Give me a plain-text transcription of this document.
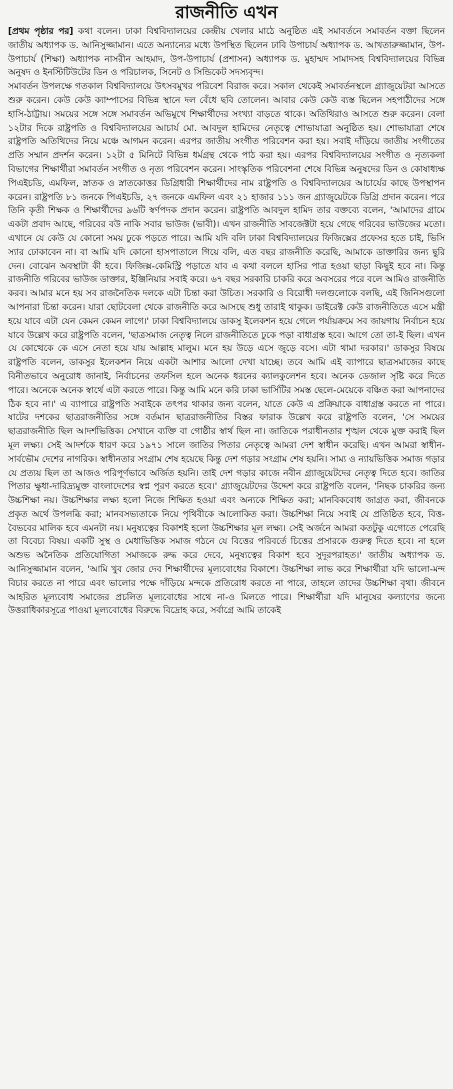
রাজনীতি এখন

[প্রথম পৃষ্ঠার পর] কথা বলেন। ঢাকা বিশ্ববিদ্যালয়ের কেন্দ্রীয় খেলার মাঠে অনুষ্ঠিত এই সমাবর্তনে সমাবর্তন বক্তা ছিলেন জাতীয় অধ্যাপক ড. আনিসুজ্জামান। এতে অন্যান্যের মধ্যে উপস্থিত ছিলেন ঢাবি উপাচার্য অধ্যাপক ড. আখতারুজ্জামান, উপ-উপাচার্য (শিক্ষা) অধ্যাপক নাসরীন আহমাদ, উপ-উপাচার্য (প্রশাসন) অধ্যাপক ড. মুহাম্মদ সামাদসহ বিশ্ববিদ্যালয়ের বিভিন্ন অনুষদ ও ইনস্টিটিউটের ডিন ও পরিচালক, সিনেট ও সিন্ডিকেট সদস্যবৃন্দ।

সমাবর্তন উপলক্ষে গতকাল বিশ্ববিদ্যালয়ে উৎসবমুখর পরিবেশ বিরাজ করে। সকাল থেকেই সমাবর্তনস্থলে গ্র্যাজুয়েটরা আসতে শুরু করেন। কেউ কেউ ক্যাম্পাসের বিভিন্ন স্থানে দল বেঁধে ছবি তোলেন। আবার কেউ কেউ ব্যস্ত ছিলেন সহপাঠীদের সঙ্গে হাসি-ঠাট্টায়। সময়ের সঙ্গে সঙ্গে সমাবর্তন অভিমুখে শিক্ষার্থীদের সংখ্যা বাড়তে থাকে। অতিথিরাও আসতে শুরু করেন। বেলা ১২টার দিকে রাষ্ট্রপতি ও বিশ্ববিদ্যালয়ের আচার্য মো. আবদুল হামিদের নেতৃত্বে শোভাযাত্রা অনুষ্ঠিত হয়। শোভাযাত্রা শেষে রাষ্ট্রপতি অতিথিদের নিয়ে মঞ্চে আগমন করেন। এরপর জাতীয় সংগীত পরিবেশন করা হয়। সবাই দাঁড়িয়ে জাতীয় সংগীতের প্রতি সম্মান প্রদর্শন করেন। ১২টা ৫ মিনিটে বিভিন্ন ধর্মগ্রন্থ থেকে পাঠ করা হয়। এরপর বিশ্ববিদ্যালয়ের সংগীত ও নৃত্যকলা বিভাগের শিক্ষার্থীরা সমাবর্তন সংগীত ও নৃত্য পরিবেশন করেন। সাংস্কৃতিক পরিবেশনা শেষে বিভিন্ন অনুষদের ডিন ও কোষাধ্যক্ষ পিএইচডি, এমফিল, স্নাতক ও স্নাতকোত্তর ডিগ্রিধারী শিক্ষার্থীদের নাম রাষ্ট্রপতি ও বিশ্ববিদ্যালয়ের আচার্যের কাছে উপস্থাপন করেন। রাষ্ট্রপতি ৮১ জনকে পিএইচডি, ২৭ জনকে এমফিল এবং ২১ হাজার ১১১ জন গ্র্যাজুয়েটকে ডিগ্রি প্রদান করেন। পরে তিনি কৃতী শিক্ষক ও শিক্ষার্থীদের ৯৬টি স্বর্ণপদক প্রদান করেন। রাষ্ট্রপতি আবদুল হামিদ তার বক্তব্যে বলেন, 'আমাদের গ্রামে একটা প্রবাদ আছে, গরিবের বউ নাকি সবার ভাউজ (ভাবী)। এখন রাজনীতি সাবজেক্টটা হয়ে গেছে গরিবের ভাউজের মতো। এখানে যে কেউ যে কোনো সময় ঢুকে পড়তে পারে। আমি যদি বলি ঢাকা বিশ্ববিদ্যালয়ের ফিজিক্সের প্রফেসর হতে চাই, ভিসি স্যার ঢোকাবেন না। বা আমি যদি কোনো হাসপাতালে গিয়ে বলি, এত বছর রাজনীতি করেছি, আমাকে ডাক্তারির জন্য ছুরি দেন। বোঝেন অবস্থাটা কী হবে। ফিজিক্স-কেমিস্ট্রি পড়াতে যাব এ কথা বললে হাসির পাত্র হওয়া ছাড়া কিছুই হবে না। কিন্তু রাজনীতি গরিবের ভাউজ ডাক্তার, ইঞ্জিনিয়ার সবাই করে। ৬৭ বছর সরকারি চাকরি করে অবসরের পরে বলে আমিও রাজনীতি করব। আমার মনে হয় সব রাজনৈতিক দলকে এটা চিন্তা করা উচিত। সরকারি ও বিরোধী দলগুলোকে বলছি, এই জিনিসগুলো আপনারা চিন্তা করেন। যারা ছোটবেলা থেকে রাজনীতি করে আসছে শুধু তারাই থাকুক। ডাইরেক্ট কেউ রাজনীতিতে এসে মন্ত্রী হয়ে যাবে এটা যেন কেমন কেমন লাগে।' ঢাকা বিশ্ববিদ্যালয়ে ডাকসু ইলেকশন হয়ে গেলে পর্যায়ক্রমে সব জায়গায় নির্বাচন হয়ে যাবে উল্লেখ করে রাষ্ট্রপতি বলেন, 'ছাত্রসমাজ নেতৃত্ব নিলে রাজনীতিতে ঢুকে পড়া বাধাগ্রস্ত হবে। আগে তো তা-ই ছিল। এখন যে কোত্থেকে কে এসে নেতা হয়ে যায় আল্লাহ মালুম। মনে হয় উড়ে এসে জুড়ে বসে। এটা থামা দরকার।' ডাকসুর বিষয়ে রাষ্ট্রপতি বলেন, ডাকসুর ইলেকশন নিয়ে একটা আশার আলো দেখা যাচ্ছে। তবে আমি এই ব্যাপারে ছাত্রসমাজের কাছে বিনীতভাবে অনুরোধ জানাই, নির্বাচনের তফসিল হলে অনেক ধরনের ক্যালকুলেশন হবে। অনেক ডেজাল সৃষ্টি করে দিতে পারে। অনেকে অনেক স্বার্থে এটা করতে পারে। কিন্তু আমি মনে করি ঢাকা ভার্সিটির সমস্ত ছেলে-মেয়েকে বঞ্চিত করা আপনাদের ঠিক হবে না।' এ ব্যাপারে রাষ্ট্রপতি সবাইকে তৎপর থাকার জন্য বলেন, যাতে কেউ এ প্রক্রিয়াকে বাধাগ্রস্ত করতে না পারে। ষাটের দশকের ছাত্ররাজনীতির সঙ্গে বর্তমান ছাত্ররাজনীতির বিস্তর ফারাক উল্লেখ করে রাষ্ট্রপতি বলেন, 'সে সময়ের ছাত্ররাজনীতি ছিল আদর্শভিত্তিক। সেখানে ব্যক্তি বা গোষ্ঠীর স্বার্থ ছিল না। জাতিকে পরাধীনতার শৃঙ্খল থেকে মুক্ত করাই ছিল মূল লক্ষ্য। সেই আদর্শকে ধারণ করে ১৯৭১ সালে জাতির পিতার নেতৃত্বে আমরা দেশ স্বাধীন করেছি। এখন আমরা স্বাধীন-সার্বভৌম দেশের নাগরিক। স্বাধীনতার সংগ্রাম শেষ হয়েছে কিন্তু দেশ গড়ার সংগ্রাম শেষ হয়নি। সাম্য ও ন্যায়ভিত্তিক সমাজ গড়ার যে প্রত্যয় ছিল তা আজও পরিপূর্ণভাবে অর্জিত হয়নি। তাই দেশ গড়ার কাজে নবীন গ্র্যাজুয়েটদের নেতৃত্ব দিতে হবে। জাতির পিতার ক্ষুধা-দারিদ্র্যমুক্ত বাংলাদেশের স্বপ্ন পূরণ করতে হবে।' গ্র্যাজুয়েটদের উদ্দেশ করে রাষ্ট্রপতি বলেন, 'নিছক চাকরির জন্য উচ্চশিক্ষা নয়। উচ্চশিক্ষার লক্ষ্য হলো নিজে শিক্ষিত হওয়া এবং অন্যকে শিক্ষিত করা; মানবিকবোধ জাগ্রত করা, জীবনকে প্রকৃত অর্থে উপলব্ধি করা; মানবসভ্যতাকে নিয়ে পৃথিবীকে আলোকিত করা। উচ্চশিক্ষা নিয়ে সবাই যে প্রতিষ্ঠিত হবে, বিত্ত-বৈভবের মালিক হবে এমনটা নয়। মনুষ্যত্বের বিকাশই হলো উচ্চশিক্ষার মূল লক্ষ্য। সেই অর্জনে আমরা কতটুকু এগোতে পেরেছি তা বিবেচ্য বিষয়। একটি সুস্থ ও মেধাভিত্তিক সমাজ গঠনে যে বিত্তের পরিবর্তে চিত্তের প্রসারকে গুরুত্ব দিতে হবে। না হলে অশুভ অনৈতিক প্রতিযোগিতা সমাজকে রুদ্ধ করে দেবে, মনুষ্যত্বের বিকাশ হবে সুদূরপরাহত।' জাতীয় অধ্যাপক ড. আনিসুজ্জামান বলেন, 'আমি খুব জোর দেব শিক্ষার্থীদের মূল্যবোধের বিকাশে। উচ্চশিক্ষা লাভ করে শিক্ষার্থীরা যদি ভালো-মন্দ বিচার করতে না পারে এবং ভালোর পক্ষে দাঁড়িয়ে মন্দকে প্রতিরোধ করতে না পারে, তাহলে তাদের উচ্চশিক্ষা বৃথা। জীবনে আহরিত মূল্যবোধ সমাজের প্রচলিত মূল্যবোধের সাথে না-ও মিলতে পারে। শিক্ষার্থীরা যদি মানুষের কল্যাণের জন্যে উত্তরাধিকারসূত্রে পাওয়া মূল্যবোধের বিরুদ্ধে বিদ্রোহ করে, সর্বাগ্রে আমি তাকেই
